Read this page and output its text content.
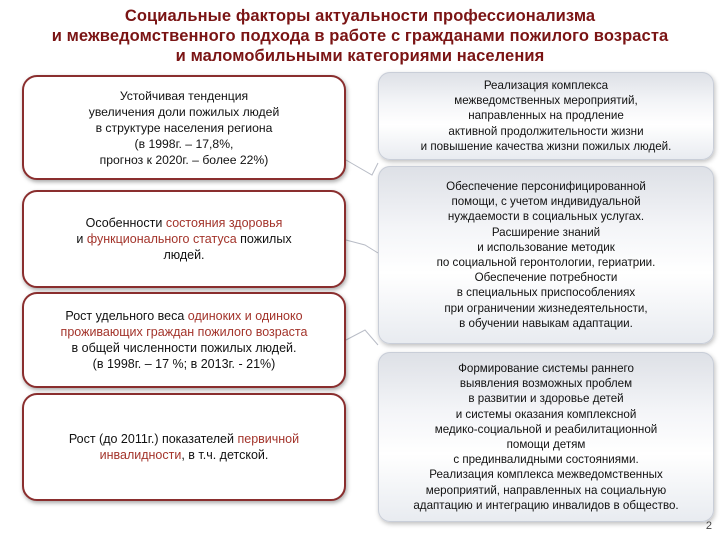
Социальные факторы актуальности профессионализма
и межведомственного подхода в работе с гражданами пожилого возраста
и маломобильными категориями населения
Устойчивая тенденция
увеличения доли пожилых людей
в структуре населения региона
(в 1998г. – 17,8%,
прогноз к 2020г. – более 22%)
Особенности состояния здоровья
и функционального статуса пожилых
людей.
Рост удельного веса одиноких и одиноко
проживающих граждан пожилого возраста
в общей численности пожилых людей.
(в 1998г. – 17 %; в 2013г. - 21%)
Рост (до 2011г.) показателей первичной
инвалидности, в т.ч. детской.
Реализация комплекса
межведомственных мероприятий,
направленных на продление
активной продолжительности жизни
и повышение качества жизни пожилых людей.
Обеспечение персонифицированной
помощи, с учетом индивидуальной
нуждаемости в социальных услугах.
Расширение знаний
и использование методик
по социальной геронтологии, гериатрии.
Обеспечение потребности
в специальных приспособлениях
при ограничении жизнедеятельности,
в обучении навыкам адаптации.
Формирование системы раннего
выявления возможных проблем
в развитии и здоровье детей
и системы оказания комплексной
медико-социальной и реабилитационной
помощи детям
с прединвалидными состояниями.
Реализация комплекса межведомственных
мероприятий, направленных на социальную
адаптацию и интеграцию инвалидов в общество.
2
